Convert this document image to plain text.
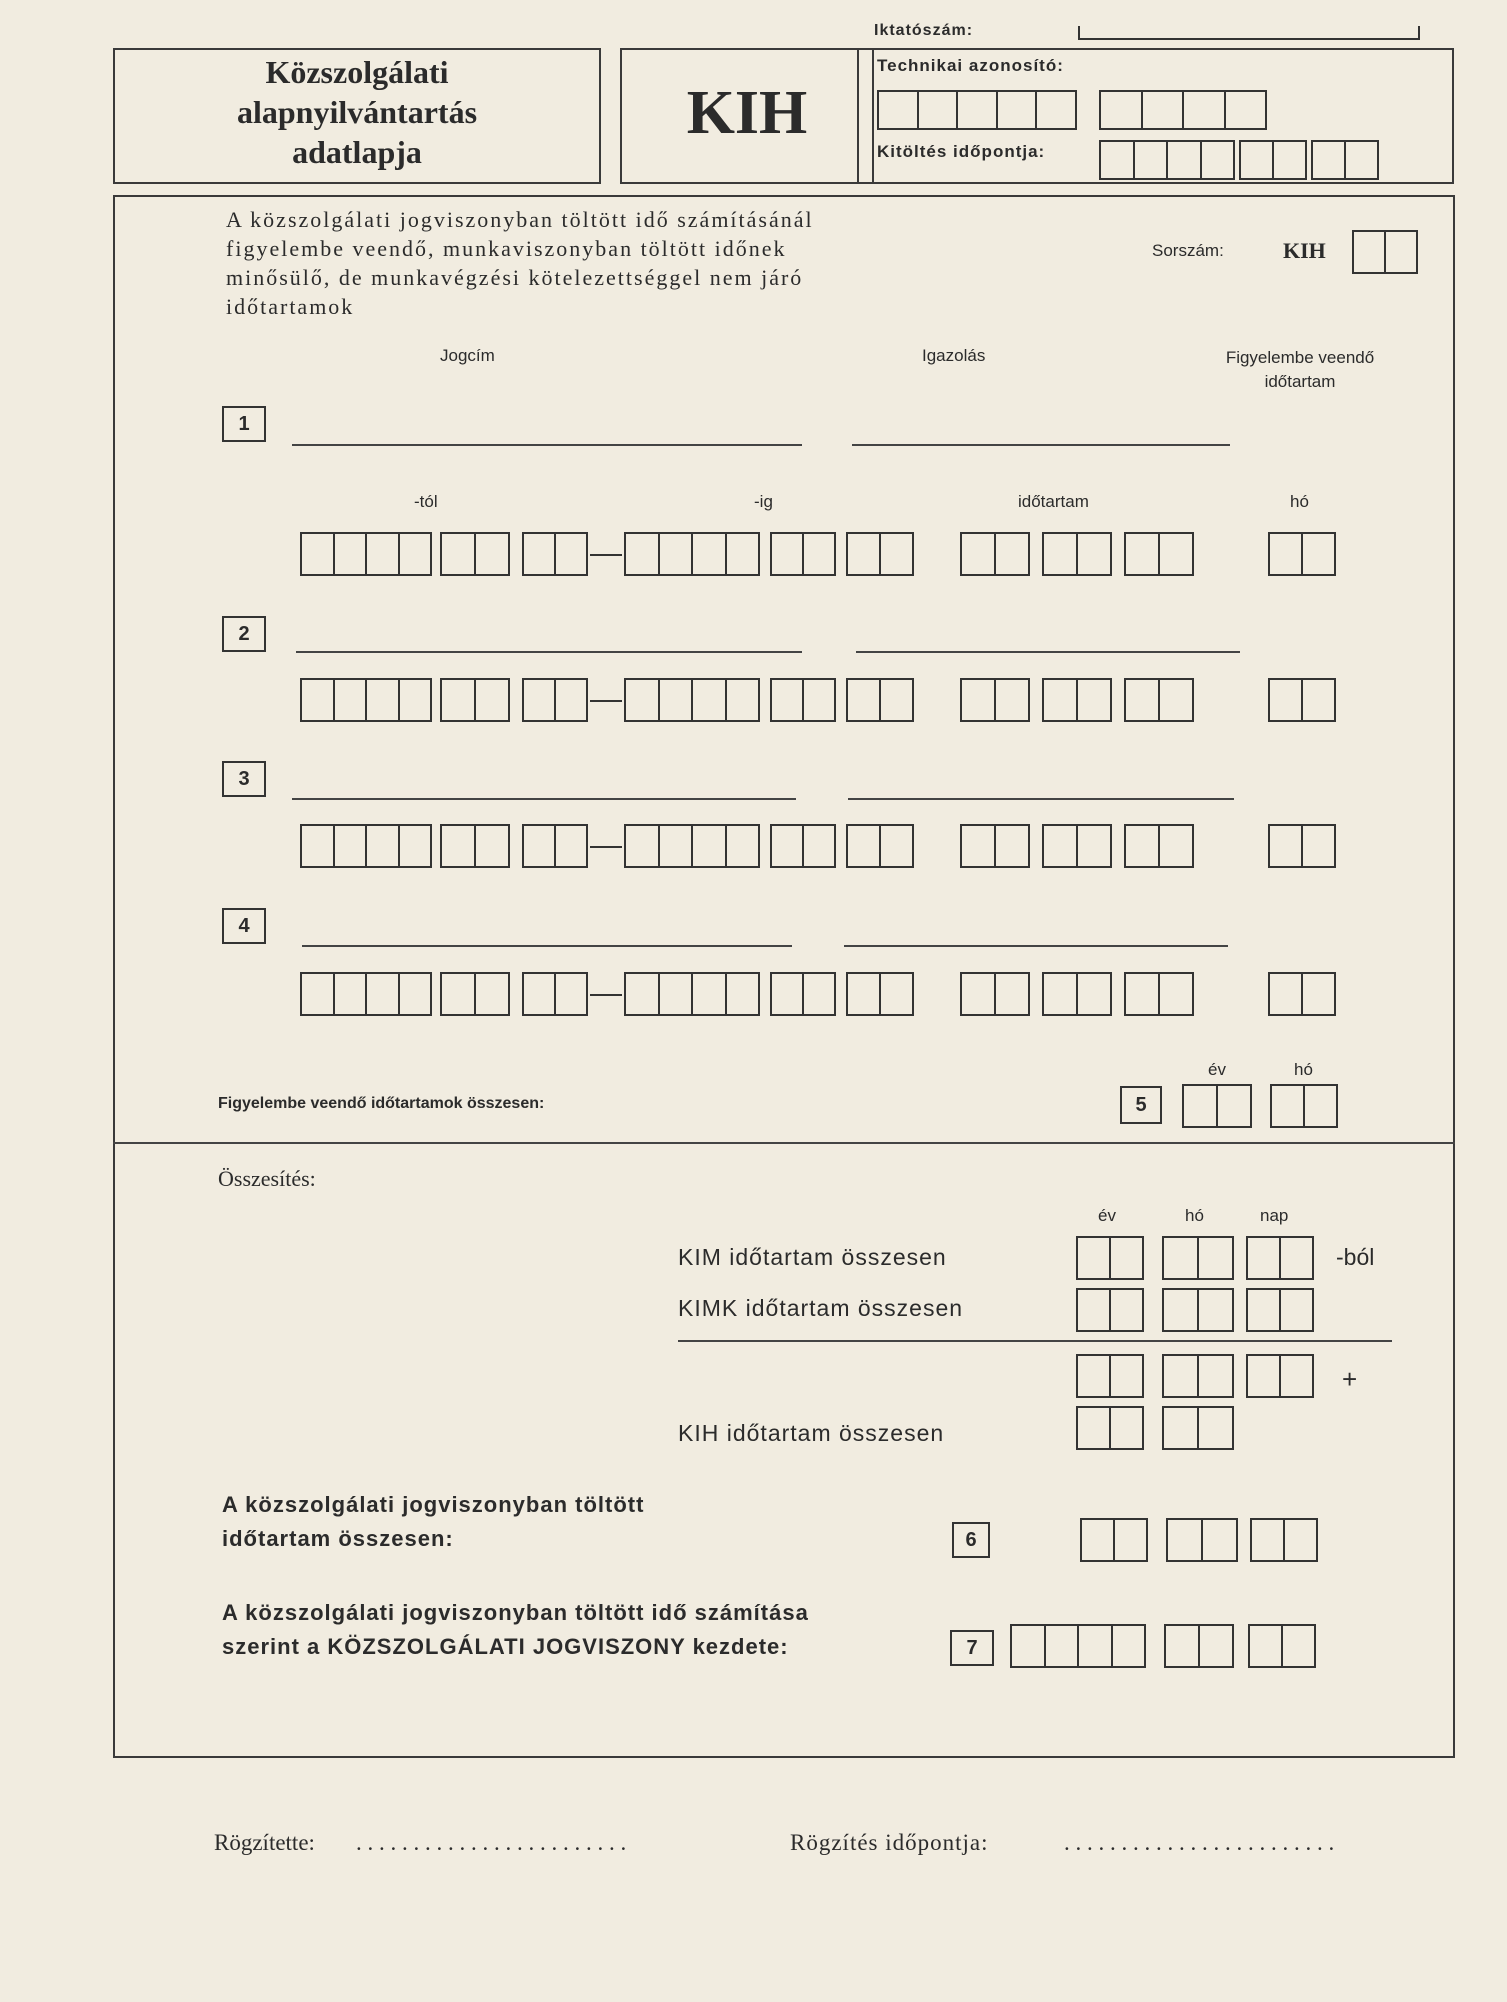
Iktatószám:
Közszolgálati
alapnyilvántartás
adatlapja
KIH
Technikai azonosító:
Kitöltés időpontja:
A közszolgálati jogviszonyban töltött idő számításánál
figyelembe veendő, munkaviszonyban töltött időnek
minősülő, de munkavégzési kötelezettséggel nem járó
időtartamok
Sorszám:	KIH
Jogcím	Igazolás	Figyelembe veendő
időtartam
1
-tól	-ig	időtartam	hó
2
3
4
év	hó
Figyelembe veendő időtartamok összesen:	5
Összesítés:
év	hó	nap
KIM időtartam összesen	-ból
KIMK időtartam összesen
+
KIH időtartam összesen
A közszolgálati jogviszonyban töltött
időtartam összesen:	6
A közszolgálati jogviszonyban töltött idő számítása
szerint a KÖZSZOLGÁLATI JOGVISZONY kezdete:	7
Rögzítette: . . . . . . . . . . . . . . . . . . . . . . . .	Rögzítés időpontja:	. . . . . . . . . . . . . . . . . . . . . . . .
